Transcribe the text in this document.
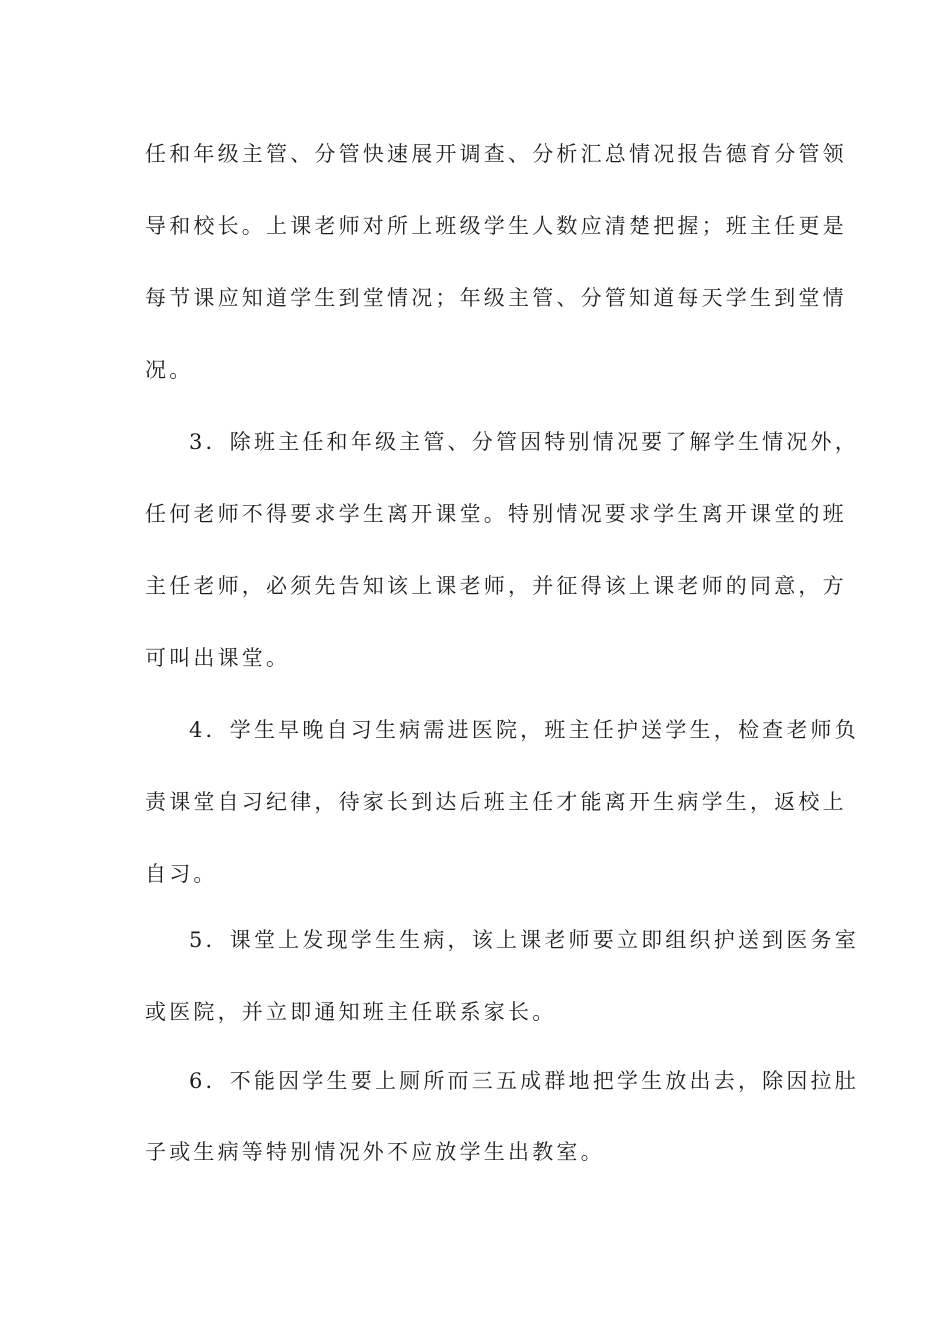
任和年级主管、分管快速展开调查、分析汇总情况报告德育分管领
导和校长。上课老师对所上班级学生人数应清楚把握；班主任更是
每节课应知道学生到堂情况；年级主管、分管知道每天学生到堂情
况。
3．除班主任和年级主管、分管因特别情况要了解学生情况外，
任何老师不得要求学生离开课堂。特别情况要求学生离开课堂的班
主任老师，必须先告知该上课老师，并征得该上课老师的同意，方
可叫出课堂。
4．学生早晚自习生病需进医院，班主任护送学生，检查老师负
责课堂自习纪律，待家长到达后班主任才能离开生病学生，返校上
自习。
5．课堂上发现学生生病，该上课老师要立即组织护送到医务室
或医院，并立即通知班主任联系家长。
6．不能因学生要上厕所而三五成群地把学生放出去，除因拉肚
子或生病等特别情况外不应放学生出教室。
